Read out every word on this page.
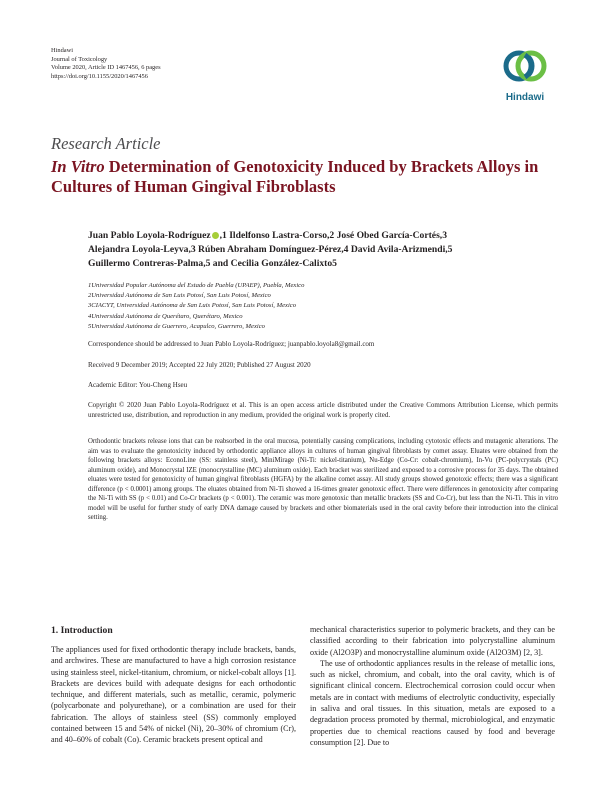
Hindawi
Journal of Toxicology
Volume 2020, Article ID 1467456, 6 pages
https://doi.org/10.1155/2020/1467456
Hindawi
Research Article
In Vitro Determination of Genotoxicity Induced by Brackets Alloys in Cultures of Human Gingival Fibroblasts
Juan Pablo Loyola-Rodríguez ,1 Ildelfonso Lastra-Corso,2 José Obed García-Cortés,3
Alejandra Loyola-Leyva,3 Rúben Abraham Domínguez-Pérez,4 David Avila-Arizmendi,5
Guillermo Contreras-Palma,5 and Cecilia González-Calixto5
1Universidad Popular Autónoma del Estado de Puebla (UPAEP), Puebla, Mexico
2Universidad Autónoma de San Luis Potosí, San Luis Potosí, Mexico
3CIACYT, Universidad Autónoma de San Luis Potosí, San Luis Potosí, Mexico
4Universidad Autónoma de Querétaro, Querétaro, Mexico
5Universidad Autónoma de Guerrero, Acapulco, Guerrero, Mexico
Correspondence should be addressed to Juan Pablo Loyola-Rodríguez; juanpablo.loyola8@gmail.com
Received 9 December 2019; Accepted 22 July 2020; Published 27 August 2020
Academic Editor: You-Cheng Hseu
Copyright © 2020 Juan Pablo Loyola-Rodríguez et al. This is an open access article distributed under the Creative Commons Attribution License, which permits unrestricted use, distribution, and reproduction in any medium, provided the original work is properly cited.
Orthodontic brackets release ions that can be reabsorbed in the oral mucosa, potentially causing complications, including cytotoxic effects and mutagenic alterations. The aim was to evaluate the genotoxicity induced by orthodontic appliance alloys in cultures of human gingival fibroblasts by comet assay. Eluates were obtained from the following brackets alloys: EconoLine (SS: stainless steel), MiniMirage (Ni-Ti: nickel-titanium), Nu-Edge (Co-Cr: cobalt-chromium), In-Vu (PC-polycrystals (PC) aluminum oxide), and Monocrystal IZE (monocrystalline (MC) aluminum oxide). Each bracket was sterilized and exposed to a corrosive process for 35 days. The obtained eluates were tested for genotoxicity of human gingival fibroblasts (HGFA) by the alkaline comet assay. All study groups showed genotoxic effects; there was a significant difference (p < 0.0001) among groups. The eluates obtained from Ni-Ti showed a 16-times greater genotoxic effect. There were differences in genotoxicity after comparing the Ni-Ti with SS (p < 0.01) and Co-Cr brackets (p < 0.001). The ceramic was more genotoxic than metallic brackets (SS and Co-Cr), but less than the Ni-Ti. This in vitro model will be useful for further study of early DNA damage caused by brackets and other biomaterials used in the oral cavity before their introduction into the clinical setting.
1. Introduction

The appliances used for fixed orthodontic therapy include brackets, bands, and archwires. These are manufactured to have a high corrosion resistance using stainless steel, nickel-titanium, chromium, or nickel-cobalt alloys [1]. Brackets are devices build with adequate designs for each orthodontic technique, and different materials, such as metallic, ceramic, polymeric (polycarbonate and polyurethane), or a combination are used for their fabrication. The alloys of stainless steel (SS) commonly employed contained between 15 and 54% of nickel (Ni), 20–30% of chromium (Cr), and 40–60% of cobalt (Co). Ceramic brackets present optical and

mechanical characteristics superior to polymeric brackets, and they can be classified according to their fabrication into polycrystalline aluminum oxide (Al2O3P) and monocrystalline aluminum oxide (Al2O3M) [2, 3].

The use of orthodontic appliances results in the release of metallic ions, such as nickel, chromium, and cobalt, into the oral cavity, which is of significant clinical concern. Electrochemical corrosion could occur when metals are in contact with mediums of electrolytic conductivity, especially in saliva and oral tissues. In this situation, metals are exposed to a degradation process promoted by thermal, microbiological, and enzymatic properties due to chemical reactions caused by food and beverage consumption [2]. Due to
